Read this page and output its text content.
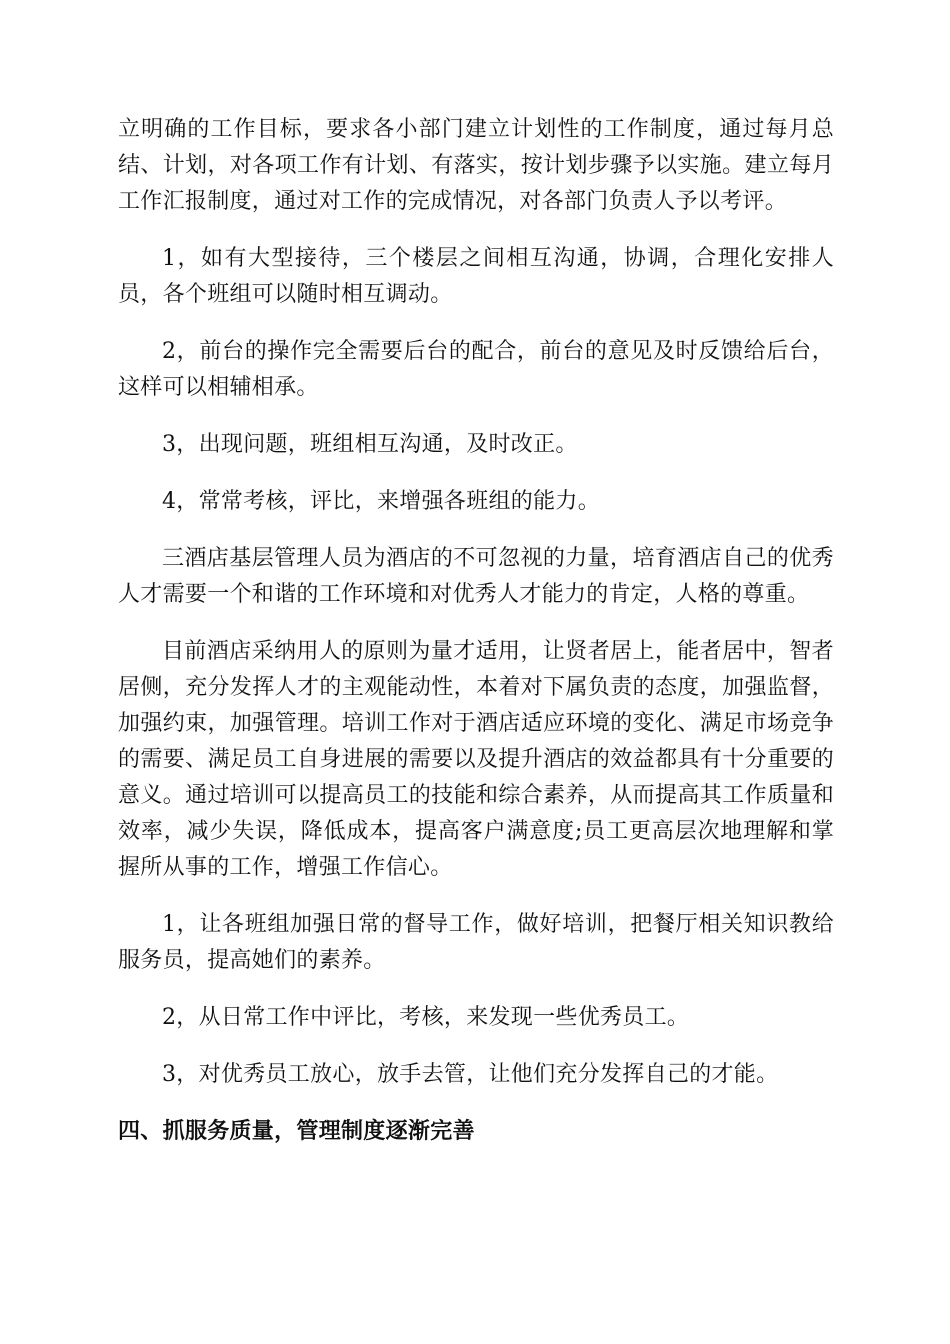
立明确的工作目标，要求各小部门建立计划性的工作制度，通过每月总结、计划，对各项工作有计划、有落实，按计划步骤予以实施。建立每月工作汇报制度，通过对工作的完成情况，对各部门负责人予以考评。

1，如有大型接待，三个楼层之间相互沟通，协调，合理化安排人员，各个班组可以随时相互调动。

2，前台的操作完全需要后台的配合，前台的意见及时反馈给后台，这样可以相辅相承。

3，出现问题，班组相互沟通，及时改正。

4，常常考核，评比，来增强各班组的能力。

三酒店基层管理人员为酒店的不可忽视的力量，培育酒店自己的优秀人才需要一个和谐的工作环境和对优秀人才能力的肯定，人格的尊重。

目前酒店采纳用人的原则为量才适用，让贤者居上，能者居中，智者居侧，充分发挥人才的主观能动性，本着对下属负责的态度，加强监督，加强约束，加强管理。培训工作对于酒店适应环境的变化、满足市场竞争的需要、满足员工自身进展的需要以及提升酒店的效益都具有十分重要的意义。通过培训可以提高员工的技能和综合素养，从而提高其工作质量和效率，减少失误，降低成本，提高客户满意度;员工更高层次地理解和掌握所从事的工作，增强工作信心。

1，让各班组加强日常的督导工作，做好培训，把餐厅相关知识教给服务员，提高她们的素养。

2，从日常工作中评比，考核，来发现一些优秀员工。

3，对优秀员工放心，放手去管，让他们充分发挥自己的才能。

四、抓服务质量，管理制度逐渐完善
